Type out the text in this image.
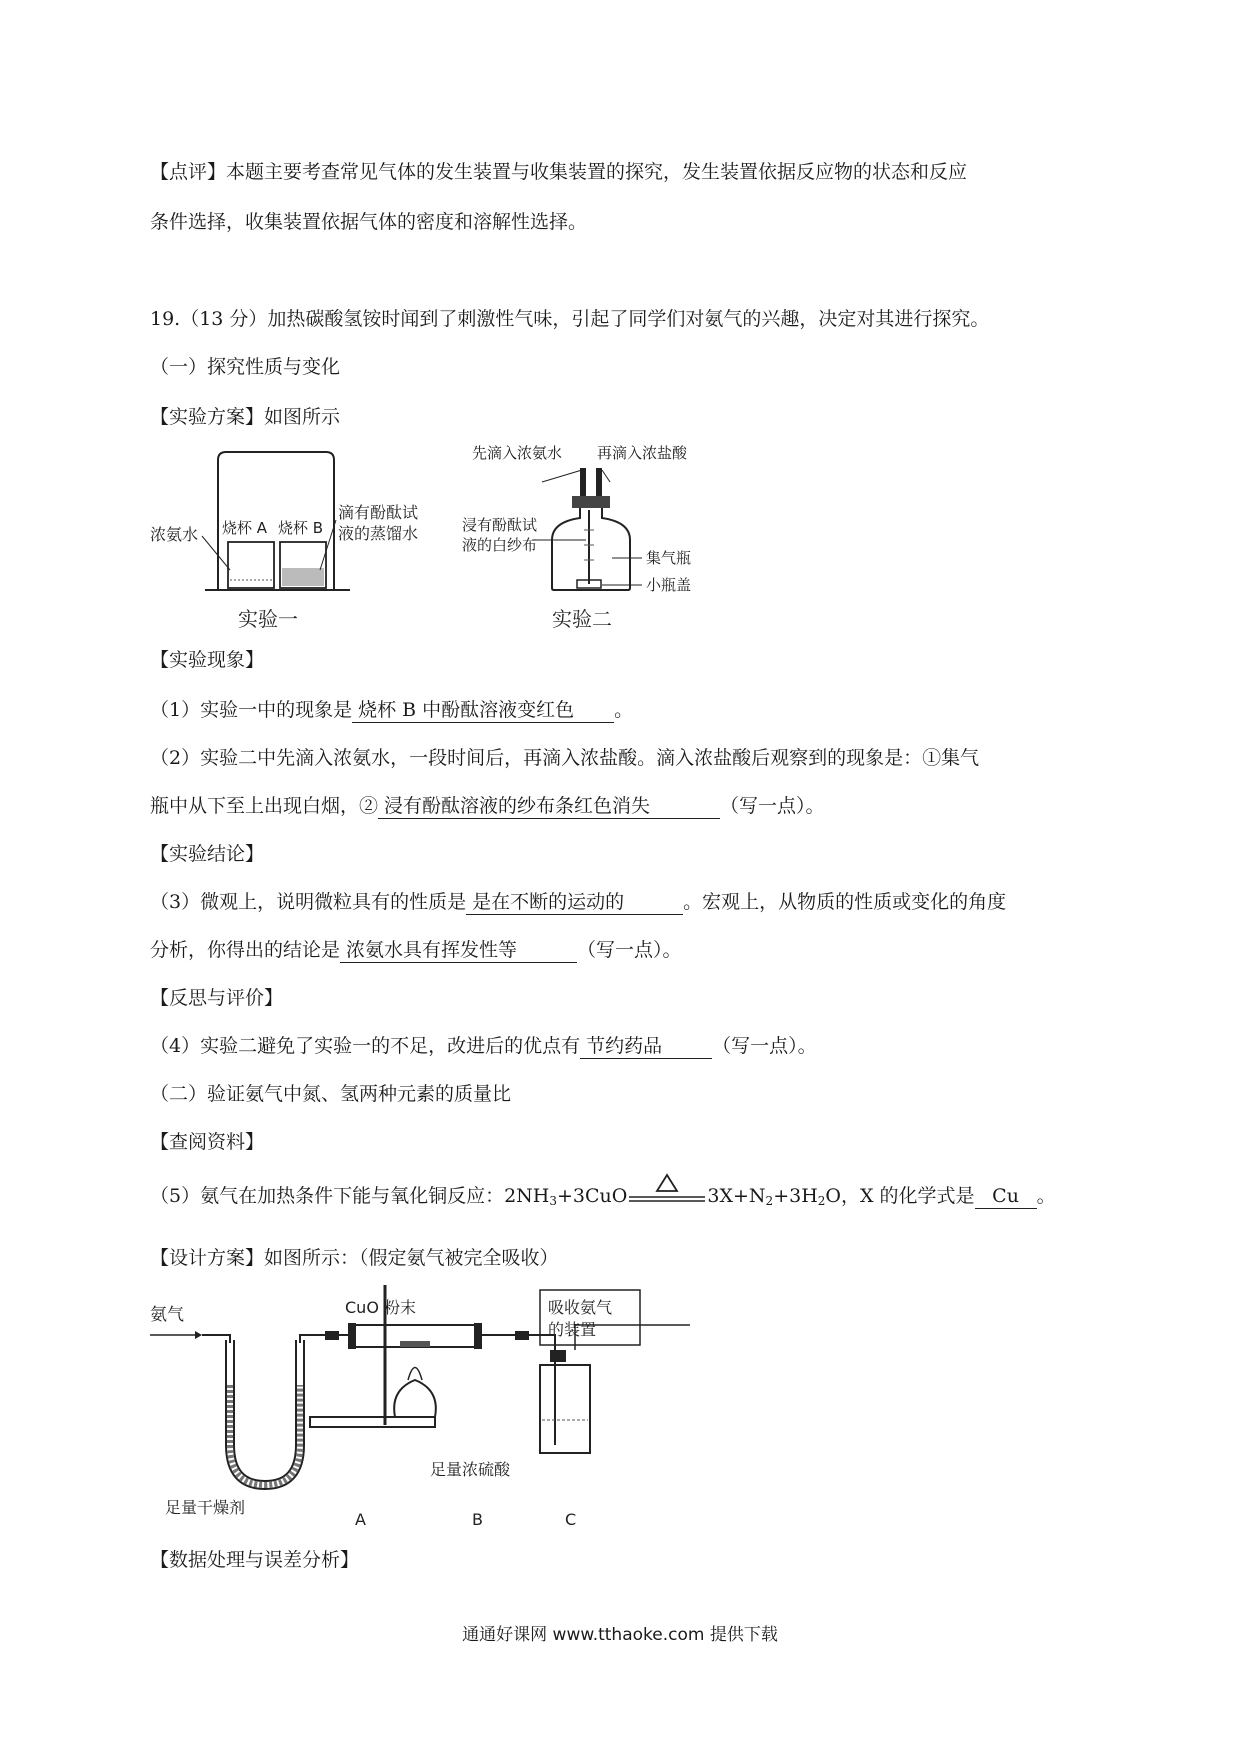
【点评】本题主要考查常见气体的发生装置与收集装置的探究，发生装置依据反应物的状态和反应
条件选择，收集装置依据气体的密度和溶解性选择。
19.（13 分）加热碳酸氢铵时闻到了刺激性气味，引起了同学们对氨气的兴趣，决定对其进行探究。
（一）探究性质与变化
【实验方案】如图所示
浓氨水 烧杯 A 烧杯 B
滴有酚酞试
液的蒸馏水
实验一
先滴入浓氨水 再滴入浓盐酸
浸有酚酞试
液的白纱布
集气瓶
小瓶盖
实验二
【实验现象】
（1）实验一中的现象是 烧杯 B 中酚酞溶液变红色 。
（2）实验二中先滴入浓氨水，一段时间后，再滴入浓盐酸。滴入浓盐酸后观察到的现象是：①集气
瓶中从下至上出现白烟，② 浸有酚酞溶液的纱布条红色消失	（写一点）。
【实验结论】
（3）微观上，说明微粒具有的性质是 是在不断的运动的	。宏观上，从物质的性质或变化的角度
分析，你得出的结论是 浓氨水具有挥发性等	（写一点）。
【反思与评价】
（4）实验二避免了实验一的不足，改进后的优点有 节约药品	（写一点）。
（二）验证氨气中氮、氢两种元素的质量比
【查阅资料】
（5）氨气在加热条件下能与氧化铜反应：$2NH_3+3CuO$	$3X+N_2+3H_2O$，X 的化学式是 Cu 。
【设计方案】如图所示：（假定氨气被完全吸收）
氨气	CuO 粉末	吸收氨气
的装置
足量干燥剂
足量浓硫酸
A	B	C
【数据处理与误差分析】
通通好课网 www.tthaoke.com 提供下载
